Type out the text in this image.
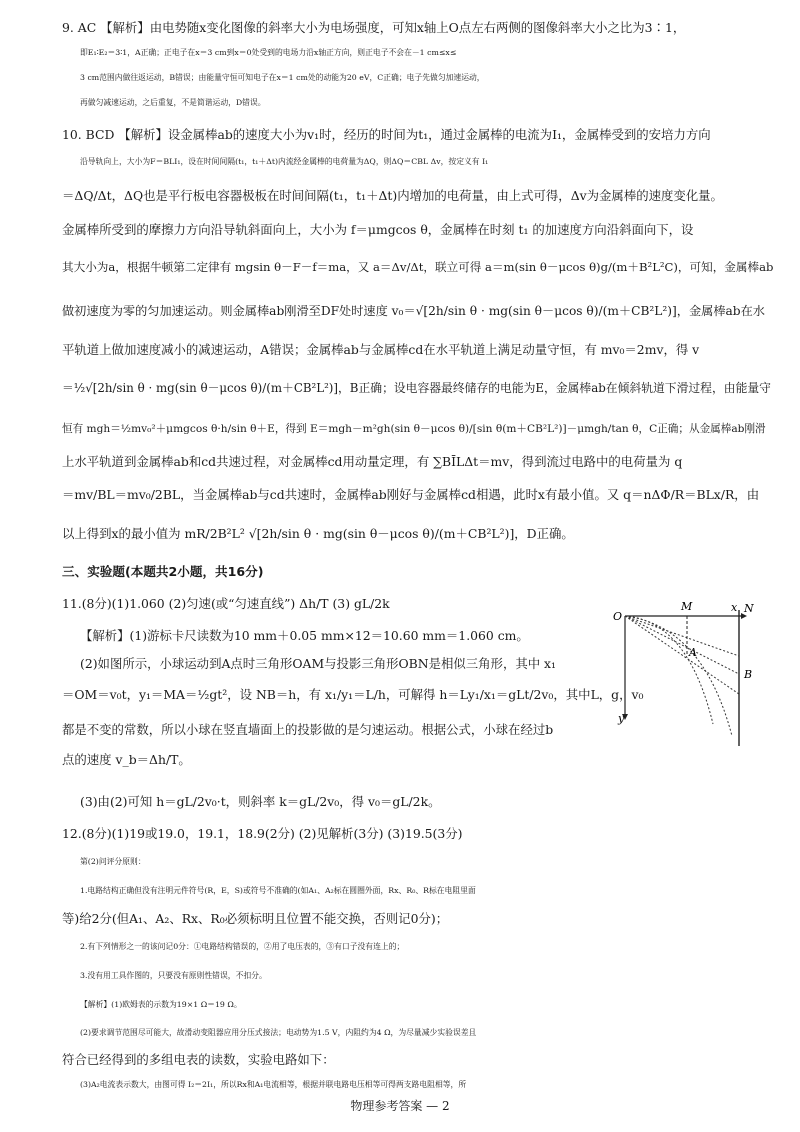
9. AC 【解析】由电势随x变化图像的斜率大小为电场强度，可知x轴上O点左右两侧的图像斜率大小之比为3∶1，
即E₁∶E₂＝3∶1，A正确；正电子在x＝3 cm到x＝0处受到的电场力沿x轴正方向，则正电子不会在－1 cm≤x≤
3 cm范围内做往返运动，B错误；由能量守恒可知电子在x＝1 cm处的动能为20 eV，C正确；电子先做匀加速运动，
再做匀减速运动，之后重复，不是简谐运动，D错误。
10. BCD 【解析】设金属棒ab的速度大小为v₁时，经历的时间为t₁，通过金属棒的电流为I₁，金属棒受到的安培力方向
沿导轨向上，大小为F＝BLI₁，设在时间间隔(t₁，t₁＋Δt)内流经金属棒的电荷量为ΔQ，则ΔQ＝CBL Δv，按定义有 I₁
＝ΔQ/Δt，ΔQ也是平行板电容器极板在时间间隔(t₁，t₁＋Δt)内增加的电荷量，由上式可得，Δv为金属棒的速度变化量。
金属棒所受到的摩擦力方向沿导轨斜面向上，大小为 f＝μmgcos θ，金属棒在时刻 t₁ 的加速度方向沿斜面向下，设
其大小为a，根据牛顿第二定律有 mgsin θ－F－f＝ma，又 a＝Δv/Δt，联立可得 a＝m(sin θ－μcos θ)g/(m＋B²L²C)，可知，金属棒ab
做初速度为零的匀加速运动。则金属棒ab刚滑至DF处时速度 v₀＝√[2h/sin θ · mg(sin θ－μcos θ)/(m＋CB²L²)]，金属棒ab在水
平轨道上做加速度减小的减速运动，A错误；金属棒ab与金属棒cd在水平轨道上满足动量守恒，有 mv₀＝2mv，得 v
＝½√[2h/sin θ · mg(sin θ－μcos θ)/(m＋CB²L²)]，B正确；设电容器最终储存的电能为E，金属棒ab在倾斜轨道下滑过程，由能量守
恒有 mgh＝½mv₀²＋μmgcos θ·h/sin θ＋E，得到 E＝mgh－m²gh(sin θ－μcos θ)/[sin θ(m＋CB²L²)]－μmgh/tan θ，C正确；从金属棒ab刚滑
上水平轨道到金属棒ab和cd共速过程，对金属棒cd用动量定理，有 ∑BĪLΔt＝mv，得到流过电路中的电荷量为 q
＝mv/BL＝mv₀/2BL，当金属棒ab与cd共速时，金属棒ab刚好与金属棒cd相遇，此时x有最小值。又 q＝nΔΦ/R＝BLx/R，由
以上得到x的最小值为 mR/2B²L² √[2h/sin θ · mg(sin θ－μcos θ)/(m＋CB²L²)]，D正确。
三、实验题(本题共2小题，共16分)
11.(8分)(1)1.060 (2)匀速(或“匀速直线”) Δh/T (3) gL/2k
【解析】(1)游标卡尺读数为10 mm＋0.05 mm×12＝10.60 mm＝1.060 cm。
(2)如图所示，小球运动到A点时三角形OAM与投影三角形OBN是相似三角形，其中 x₁
＝OM＝v₀t，y₁＝MA＝½gt²，设 NB＝h，有 x₁/y₁＝L/h，可解得 h＝Ly₁/x₁＝gLt/2v₀，其中L，g，v₀
都是不变的常数，所以小球在竖直墙面上的投影做的是匀速运动。根据公式，小球在经过b
点的速度 v_b＝Δh/T。
(3)由(2)可知 h＝gL/2v₀·t，则斜率 k＝gL/2v₀，得 v₀＝gL/2k。
O
M	x N
A
B
y
12.(8分)(1)19或19.0，19.1，18.9(2分) (2)见解析(3分) (3)19.5(3分)
第(2)问评分原则：
1.电路结构正确但没有注明元件符号(R，E，S)或符号不准确的(如A₁、A₂标在圆圈外面，Rx、R₀、R标在电阻里面
等)给2分(但A₁、A₂、Rx、R₀必须标明且位置不能交换，否则记0分)；
2.有下列情形之一的该问记0分：①电路结构错误的，②用了电压表的，③有口子没有连上的；
3.没有用工具作图的，只要没有原则性错误，不扣分。
【解析】(1)欧姆表的示数为19×1 Ω＝19 Ω。
(2)要求调节范围尽可能大，故滑动变阻器应用分压式接法；电动势为1.5 V，内阻约为4 Ω，为尽量减少实验误差且
符合已经得到的多组电表的读数，实验电路如下：
(3)A₂电流表示数大，由图可得 I₂＝2I₁，所以Rx和A₁电流相等，根据并联电路电压相等可得两支路电阻相等，所
物理参考答案 — 2
